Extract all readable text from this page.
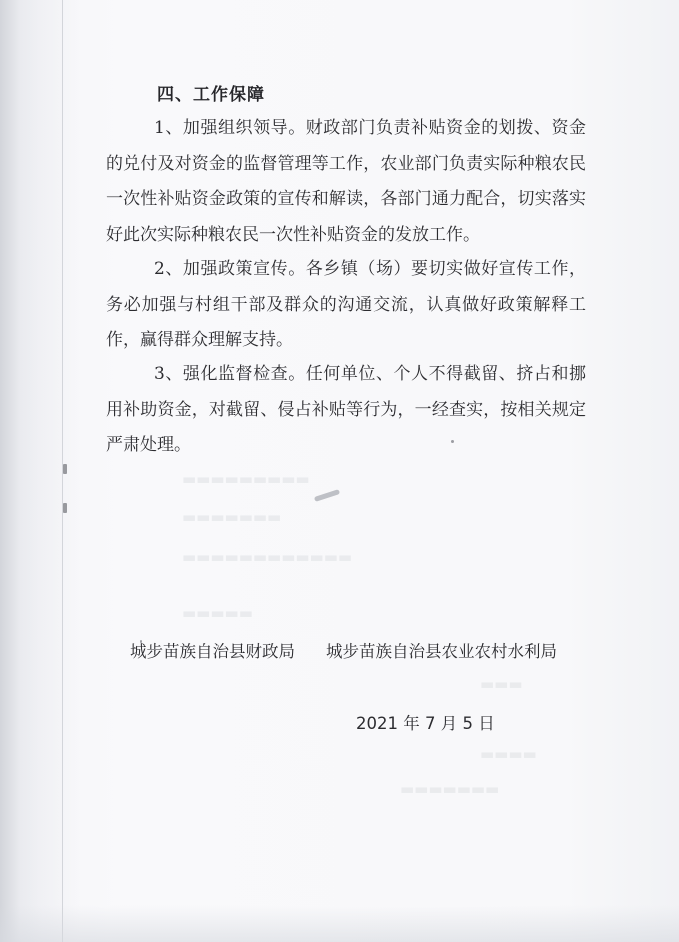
▬▬▬▬▬▬▬▬▬
▬▬▬▬▬▬▬
▬▬▬▬▬▬▬▬▬▬▬▬
▬▬▬▬▬
▬▬▬
▬▬▬▬
▬▬▬▬▬▬▬
四、工作保障
1、加强组织领导。财政部门负责补贴资金的划拨、资金的兑付及对资金的监督管理等工作，农业部门负责实际种粮农民一次性补贴资金政策的宣传和解读，各部门通力配合，切实落实好此次实际种粮农民一次性补贴资金的发放工作。
2、加强政策宣传。各乡镇（场）要切实做好宣传工作，务必加强与村组干部及群众的沟通交流，认真做好政策解释工作，赢得群众理解支持。
3、强化监督检查。任何单位、个人不得截留、挤占和挪用补助资金，对截留、侵占补贴等行为，一经查实，按相关规定严肃处理。
城步苗族自治县财政局 城步苗族自治县农业农村水利局
2021 年 7 月 5 日
